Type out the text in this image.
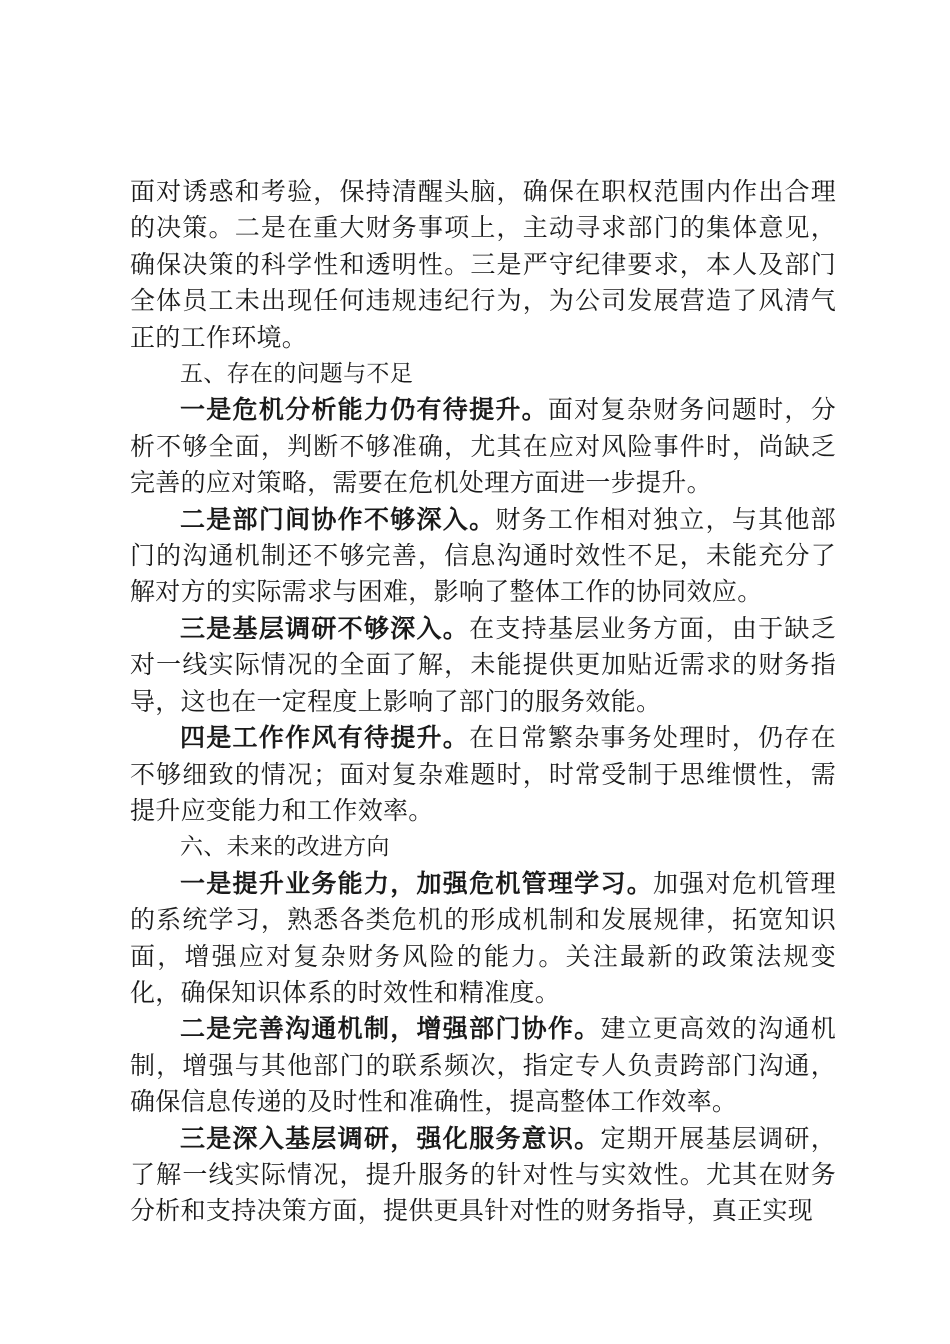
面对诱惑和考验，保持清醒头脑，确保在职权范围内作出合理的决策。二是在重大财务事项上，主动寻求部门的集体意见，确保决策的科学性和透明性。三是严守纪律要求，本人及部门全体员工未出现任何违规违纪行为，为公司发展营造了风清气正的工作环境。

五、存在的问题与不足

一是危机分析能力仍有待提升。面对复杂财务问题时，分析不够全面，判断不够准确，尤其在应对风险事件时，尚缺乏完善的应对策略，需要在危机处理方面进一步提升。

二是部门间协作不够深入。财务工作相对独立，与其他部门的沟通机制还不够完善，信息沟通时效性不足，未能充分了解对方的实际需求与困难，影响了整体工作的协同效应。

三是基层调研不够深入。在支持基层业务方面，由于缺乏对一线实际情况的全面了解，未能提供更加贴近需求的财务指导，这也在一定程度上影响了部门的服务效能。

四是工作作风有待提升。在日常繁杂事务处理时，仍存在不够细致的情况；面对复杂难题时，时常受制于思维惯性，需提升应变能力和工作效率。

六、未来的改进方向

一是提升业务能力，加强危机管理学习。加强对危机管理的系统学习，熟悉各类危机的形成机制和发展规律，拓宽知识面，增强应对复杂财务风险的能力。关注最新的政策法规变化，确保知识体系的时效性和精准度。

二是完善沟通机制，增强部门协作。建立更高效的沟通机制，增强与其他部门的联系频次，指定专人负责跨部门沟通，确保信息传递的及时性和准确性，提高整体工作效率。

三是深入基层调研，强化服务意识。定期开展基层调研，了解一线实际情况，提升服务的针对性与实效性。尤其在财务分析和支持决策方面，提供更具针对性的财务指导，真正实现
